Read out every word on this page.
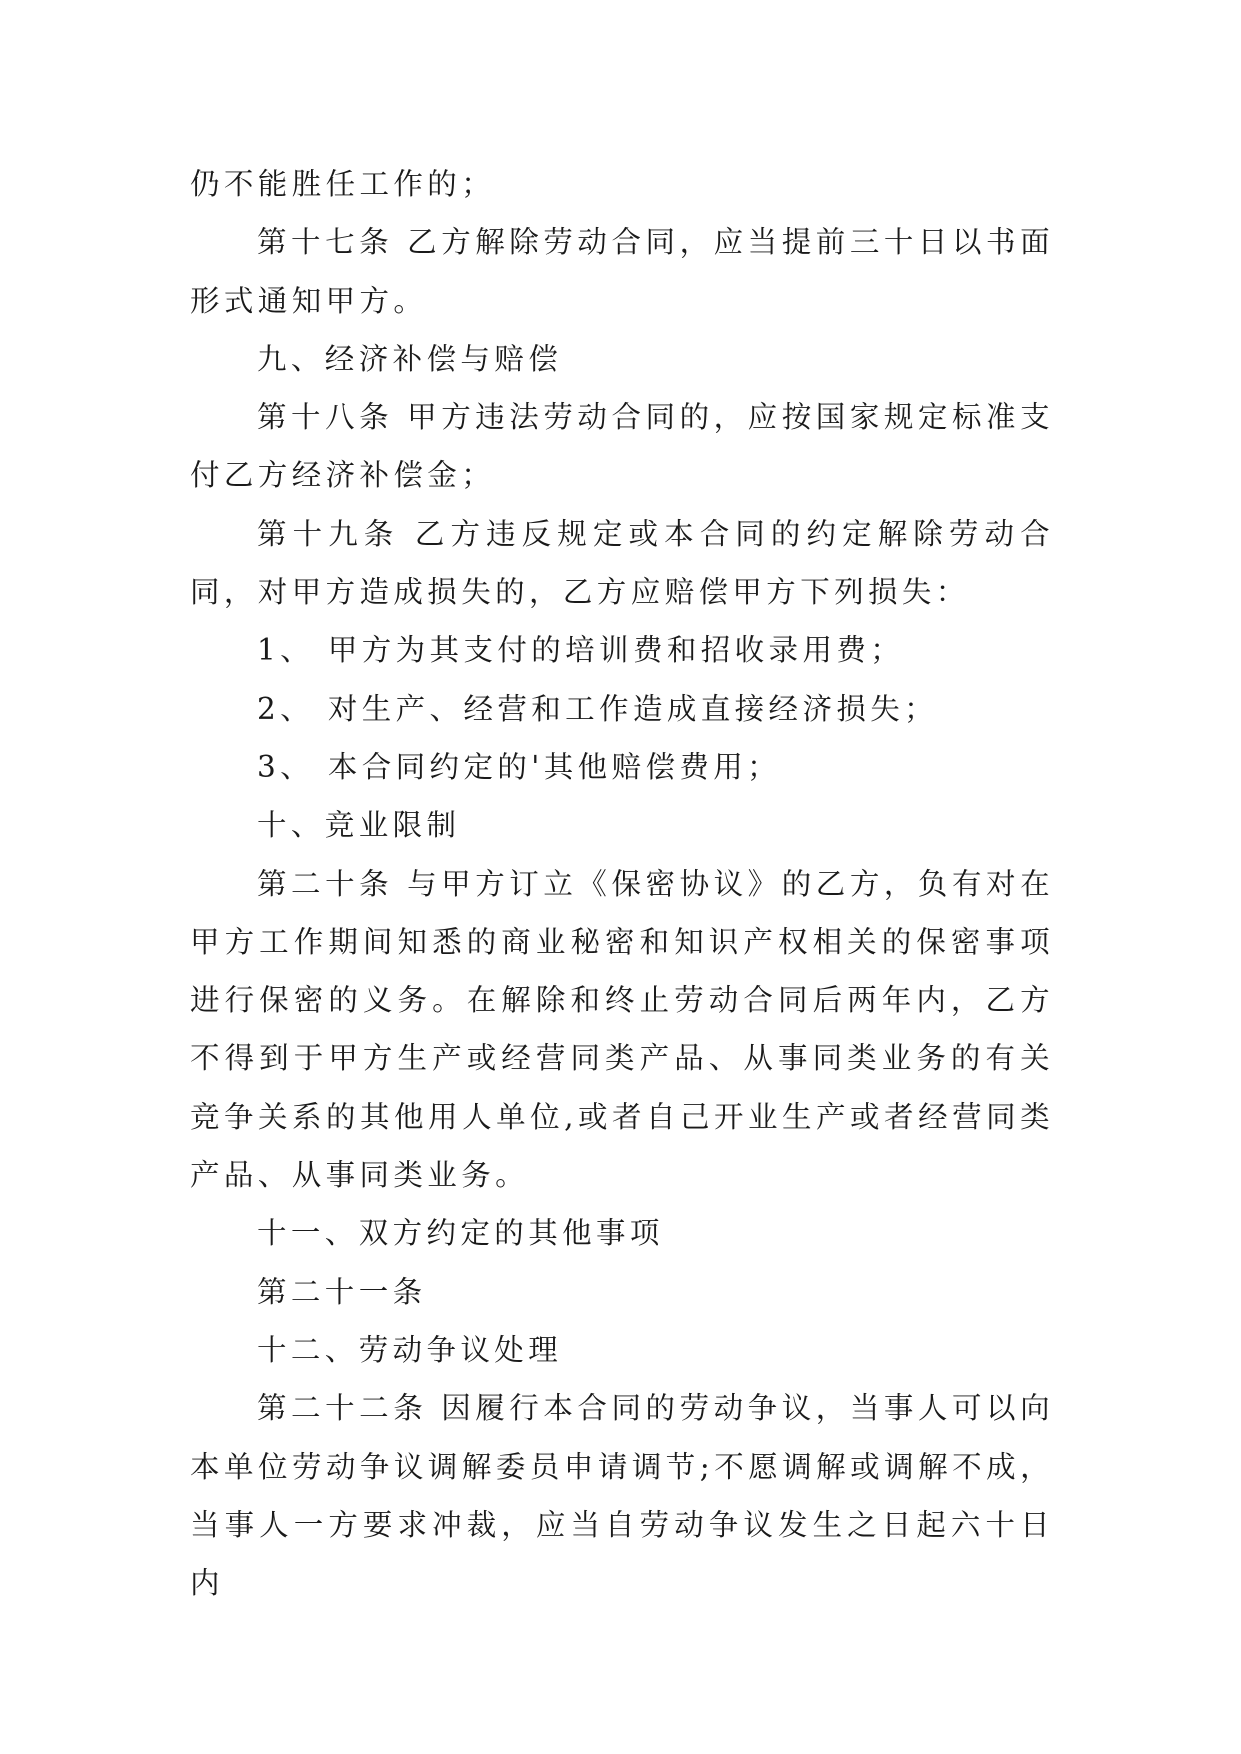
仍不能胜任工作的；

第十七条 乙方解除劳动合同，应当提前三十日以书面形式通知甲方。

九、经济补偿与赔偿

第十八条 甲方违法劳动合同的，应按国家规定标准支付乙方经济补偿金；

第十九条 乙方违反规定或本合同的约定解除劳动合同，对甲方造成损失的，乙方应赔偿甲方下列损失：

1、 甲方为其支付的培训费和招收录用费；

2、 对生产、经营和工作造成直接经济损失；

3、 本合同约定的'其他赔偿费用；

十、竞业限制

第二十条 与甲方订立《保密协议》的乙方，负有对在甲方工作期间知悉的商业秘密和知识产权相关的保密事项进行保密的义务。在解除和终止劳动合同后两年内，乙方不得到于甲方生产或经营同类产品、从事同类业务的有关竞争关系的其他用人单位,或者自己开业生产或者经营同类产品、从事同类业务。

十一、双方约定的其他事项

第二十一条

十二、劳动争议处理

第二十二条 因履行本合同的劳动争议，当事人可以向本单位劳动争议调解委员申请调节;不愿调解或调解不成，当事人一方要求冲裁，应当自劳动争议发生之日起六十日内
